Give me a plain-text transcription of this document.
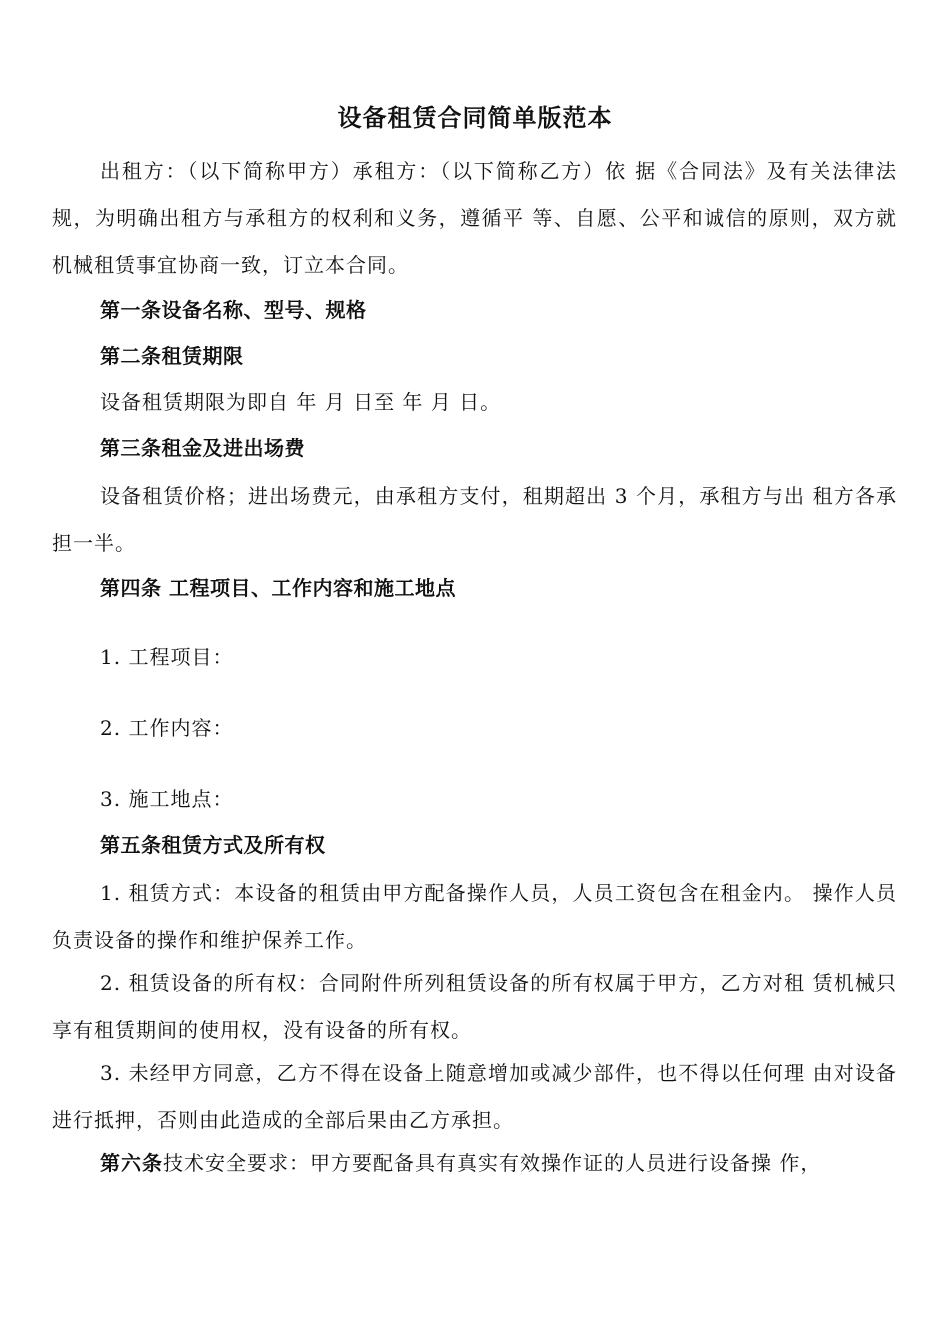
设备租赁合同简单版范本

出租方：（以下简称甲方）承租方：（以下简称乙方）依 据《合同法》及有关法律法规，为明确出租方与承租方的权利和义务，遵循平 等、自愿、公平和诚信的原则，双方就机械租赁事宜协商一致，订立本合同。

第一条设备名称、型号、规格

第二条租赁期限

设备租赁期限为即自 年 月 日至 年 月 日。

第三条租金及进出场费

设备租赁价格；进出场费元，由承租方支付，租期超出 3 个月，承租方与出 租方各承担一半。

第四条 工程项目、工作内容和施工地点

1. 工程项目：

2. 工作内容：

3. 施工地点：

第五条租赁方式及所有权

1. 租赁方式：本设备的租赁由甲方配备操作人员，人员工资包含在租金内。 操作人员负责设备的操作和维护保养工作。

2. 租赁设备的所有权：合同附件所列租赁设备的所有权属于甲方，乙方对租 赁机械只享有租赁期间的使用权，没有设备的所有权。

3. 未经甲方同意，乙方不得在设备上随意增加或减少部件，也不得以任何理 由对设备进行抵押，否则由此造成的全部后果由乙方承担。

第六条技术安全要求：甲方要配备具有真实有效操作证的人员进行设备操 作，
